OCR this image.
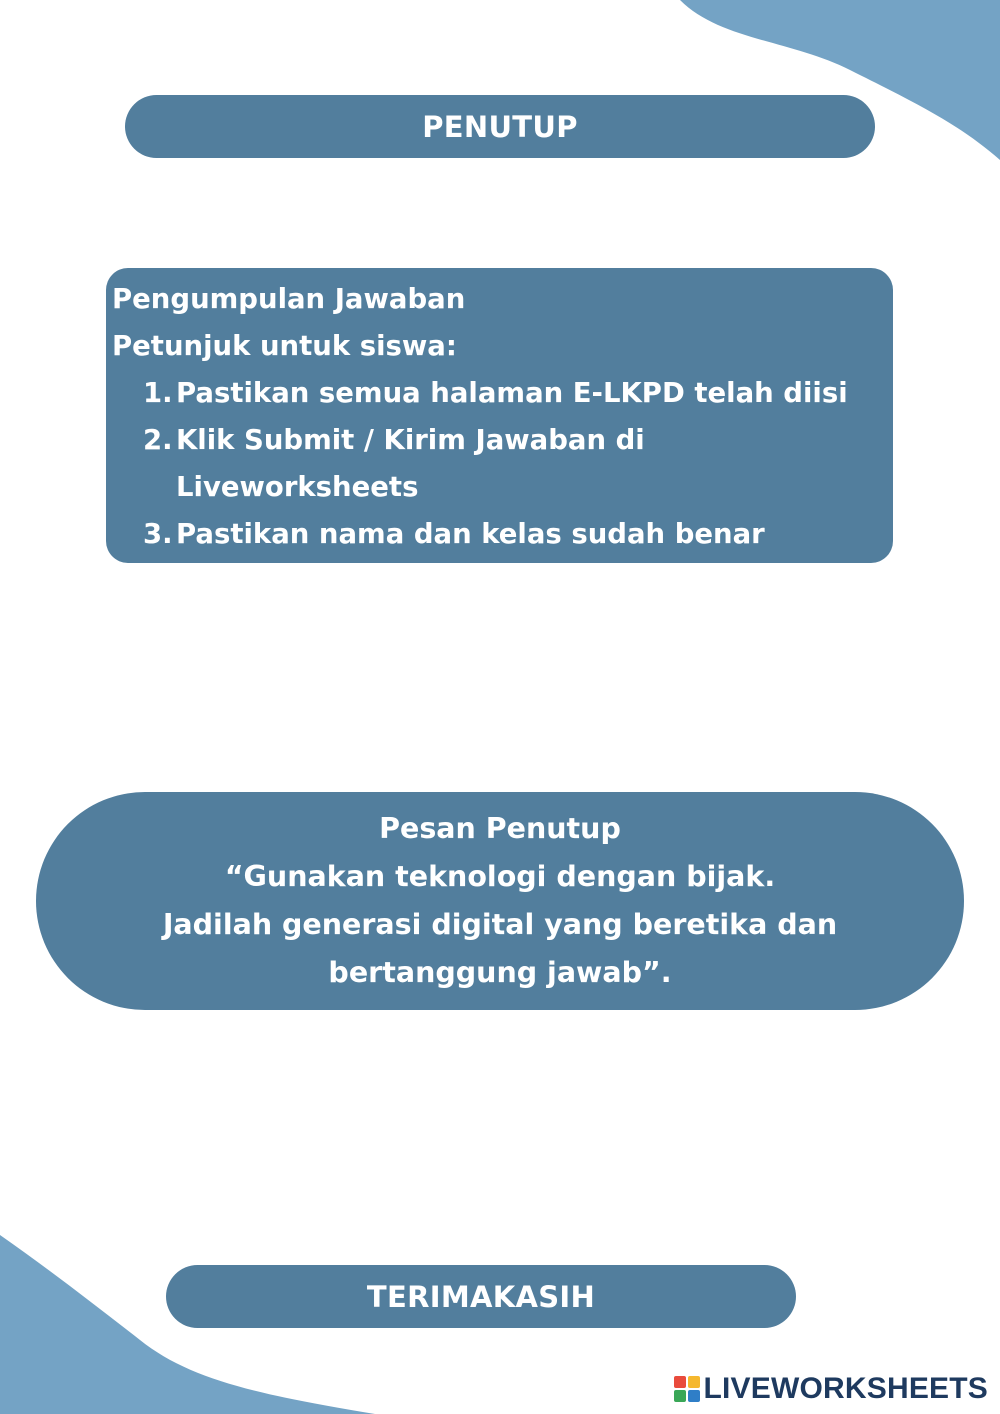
PENUTUP

Pengumpulan Jawaban

Petunjuk untuk siswa:

1. Pastikan semua halaman E-LKPD telah diisi
2. Klik Submit / Kirim Jawaban di Liveworksheets
3. Pastikan nama dan kelas sudah benar
Pesan Penutup
“Gunakan teknologi dengan bijak.
Jadilah generasi digital yang beretika dan
bertanggung jawab”.
TERIMAKASIH
LIVEWORKSHEETS
